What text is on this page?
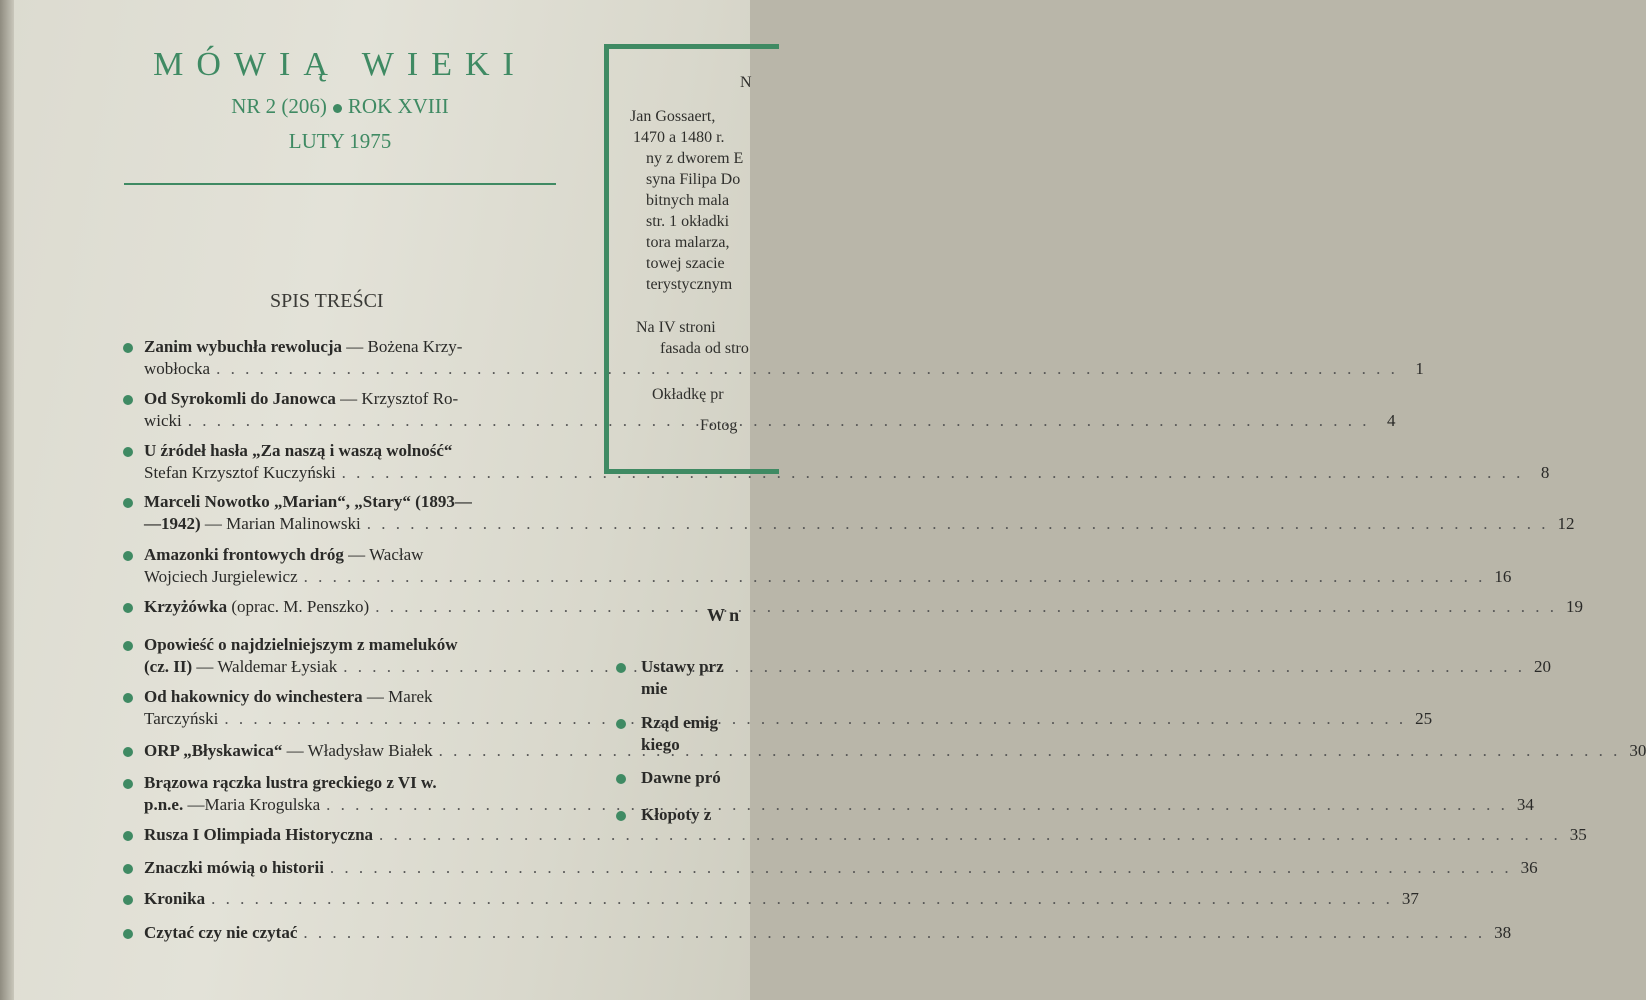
MÓWIĄ WIEKI
NR 2 (206) ROK XVIII
LUTY 1975
SPIS TREŚCI
Zanim wybuchła rewolucja — Bożena Krzy-
wobłocka . . .	1
Od Syrokomli do Janowca — Krzysztof Ro-
wicki . . .	4
U źródeł hasła „Za naszą i waszą wolność“
Stefan Krzysztof Kuczyński . . .	8
Marceli Nowotko „Marian“, „Stary“ (1893—
—1942) — Marian Malinowski . . .	12
Amazonki frontowych dróg — Wacław
Wojciech Jurgielewicz . . .	16
Krzyżówka (oprac. M. Penszko) . . .	19
Opowieść o najdzielniejszym z mameluków
(cz. II) — Waldemar Łysiak . . .	20
Od hakownicy do winchestera — Marek
Tarczyński . . .	25
ORP „Błyskawica“ — Władysław Białek . . .	30
Brązowa rączka lustra greckiego z VI w.
p.n.e. —Maria Krogulska . . .	34
Rusza I Olimpiada Historyczna . . .	35
Znaczki mówią o historii . . .	36
Kronika . . .	37
Czytać czy nie czytać . . .	38
N
Jan Gossaert,
1470 a 1480 r.
ny z dworem E
syna Filipa Do
bitnych mala
str. 1 okładki
tora malarza,
towej szacie
terystycznym
Na IV stroni
fasada od stro
Okładkę pr
Fotog
W n
Ustawy prz
mie
Rząd emig
kiego
Dawne pró
Kłopoty z
